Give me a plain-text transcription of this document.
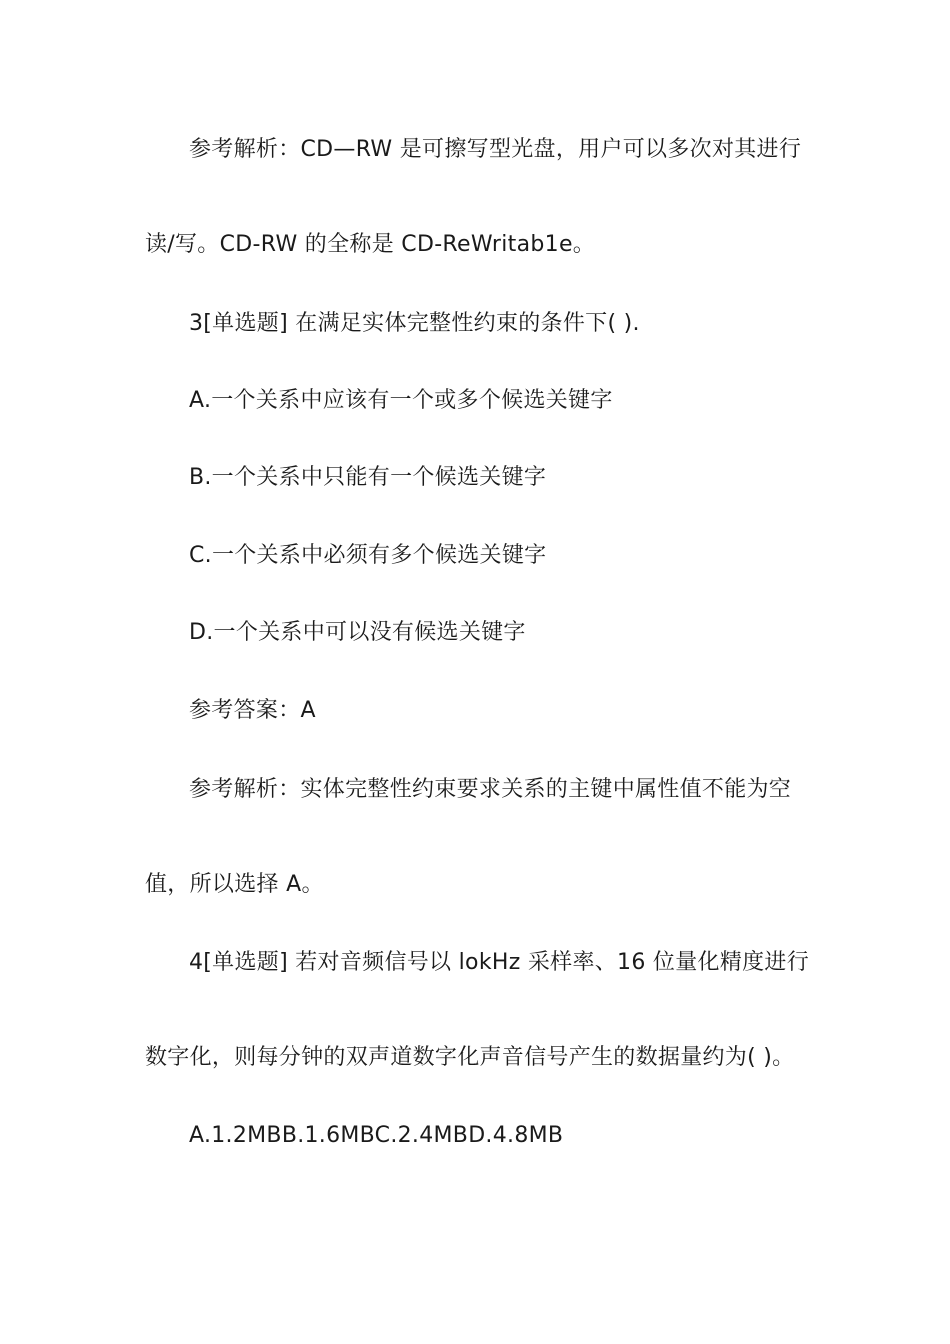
参考解析：CD—RW 是可擦写型光盘，用户可以多次对其进行

读/写。CD-RW 的全称是 CD-ReWritab1e。

3[单选题] 在满足实体完整性约束的条件下( ).

A.一个关系中应该有一个或多个候选关键字

B.一个关系中只能有一个候选关键字

C.一个关系中必须有多个候选关键字

D.一个关系中可以没有候选关键字

参考答案：A

参考解析：实体完整性约束要求关系的主键中属性值不能为空

值，所以选择 A。

4[单选题] 若对音频信号以 lokHz 采样率、16 位量化精度进行

数字化，则每分钟的双声道数字化声音信号产生的数据量约为( )。

A.1.2MBB.1.6MBC.2.4MBD.4.8MB
